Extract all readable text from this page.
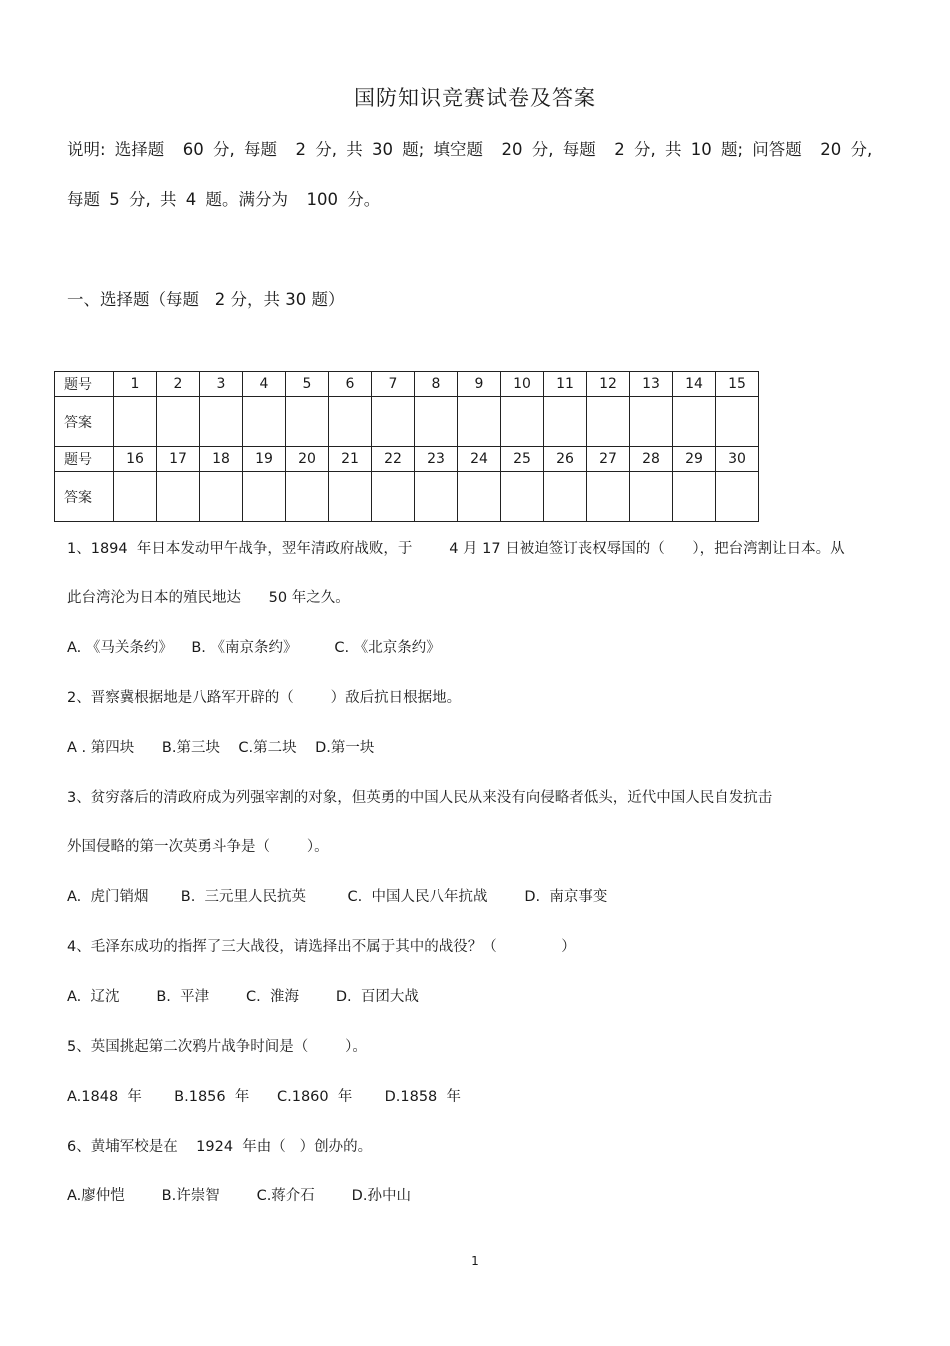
国防知识竞赛试卷及答案
说明: 选择题  60 分, 每题  2 分, 共 30 题; 填空题  20 分, 每题  2 分, 共 10 题; 问答题  20 分,
每题 5 分, 共 4 题。满分为  100 分。
一、选择题（每题   2 分，共 30 题）
题号	1	2	3	4	5	6	7	8	9	10	11	12	13	14	15
答案															
题号	16	17	18	19	20	21	22	23	24	25	26	27	28	29	30
答案															
1、1894  年日本发动甲午战争，翌年清政府战败，于        4 月 17 日被迫签订丧权辱国的（      ），把台湾割让日本。从
此台湾沦为日本的殖民地达      50 年之久。
A. 《马关条约》    B. 《南京条约》        C. 《北京条约》
2、晋察冀根据地是八路军开辟的（        ）敌后抗日根据地。
A . 第四块      B.第三块    C.第二块    D.第一块
3、贫穷落后的清政府成为列强宰割的对象，但英勇的中国人民从来没有向侵略者低头，近代中国人民自发抗击
外国侵略的第一次英勇斗争是（        ）。
A.  虎门销烟       B.  三元里人民抗英         C.  中国人民八年抗战        D.  南京事变
4、毛泽东成功的指挥了三大战役，请选择出不属于其中的战役？（              ）
A.  辽沈        B.  平津        C.  淮海        D.  百团大战
5、英国挑起第二次鸦片战争时间是（        ）。
A.1848  年       B.1856  年      C.1860  年       D.1858  年
6、黄埔军校是在    1924  年由（   ）创办的。
A.廖仲恺        B.许崇智        C.蒋介石        D.孙中山
1
